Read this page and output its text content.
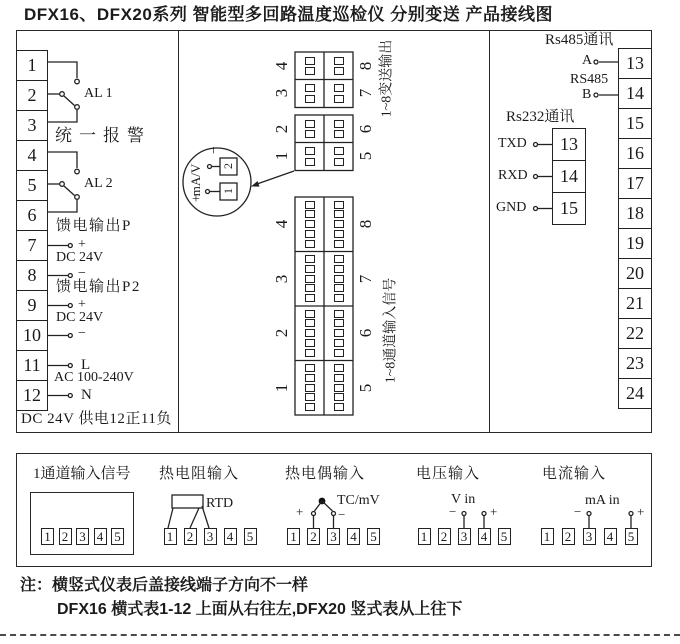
DFX16、DFX20系列 智能型多回路温度巡检仪 分别变送 产品接线图
AL 1
AL 2
统一报警
馈电输出P
+
DC 24V
−
馈电输出P2
+
DC 24V
−
L
AC 100-240V
N
DC 24V 供电12正11负
1~8变送输出
1~8通道输入信号
mA/V
+
−
2
1
Rs485通讯
A
RS485
B
Rs232通讯
TXD
RXD
GND
1通道输入信号 热电阻输入
RTD
热电偶输入
TC/mV
+	−
电压输入
V in
−	+
电流输入
mA in
−	+
注：横竖式仪表后盖接线端子方向不一样
DFX16 横式表1-12 上面从右往左,DFX20 竖式表从上往下
1
2
3
4
5
6
7
8
9
10
11
12
13
14
15
16
17
18
19
20
21
22
23
24
13
14
15
4	8
3	7
2	6
1	5
4	8
3	7
2	6
1	5
1 2 3 4 5	1 2 3 4 5	1 2 3 4 5	1 2 3 4 5	1 2 3 4 5
